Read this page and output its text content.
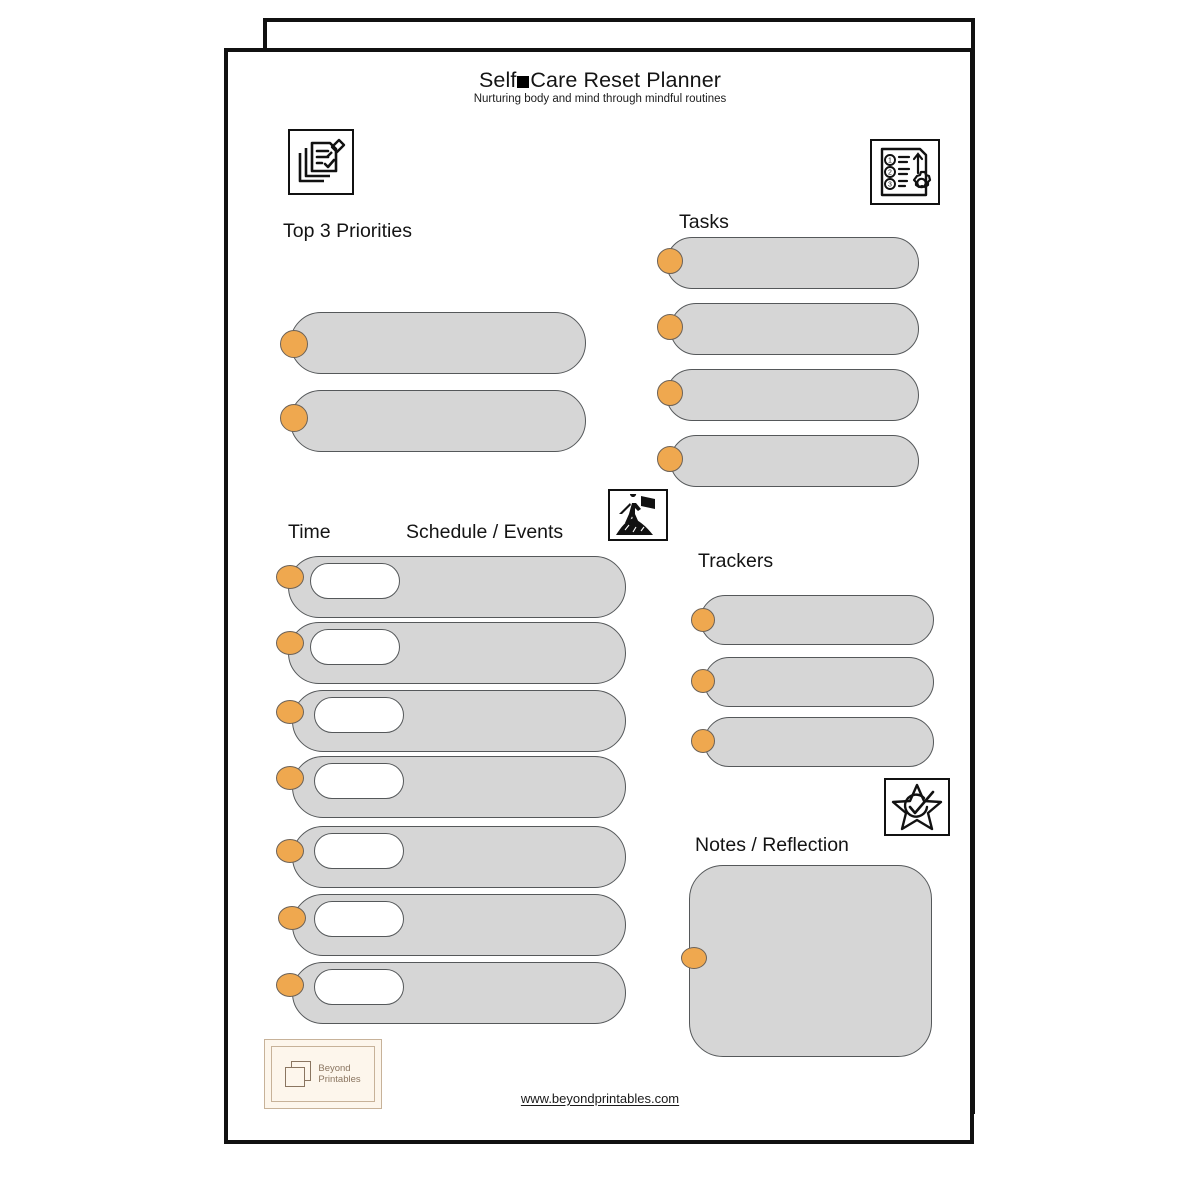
Self Care Reset Planner
Nurturing body and mind through mindful routines
1
2
3
Top 3 Priorities	Tasks
Time	Schedule / Events
Trackers
Notes / Reflection
Beyond
Printables
www.beyondprintables.com
